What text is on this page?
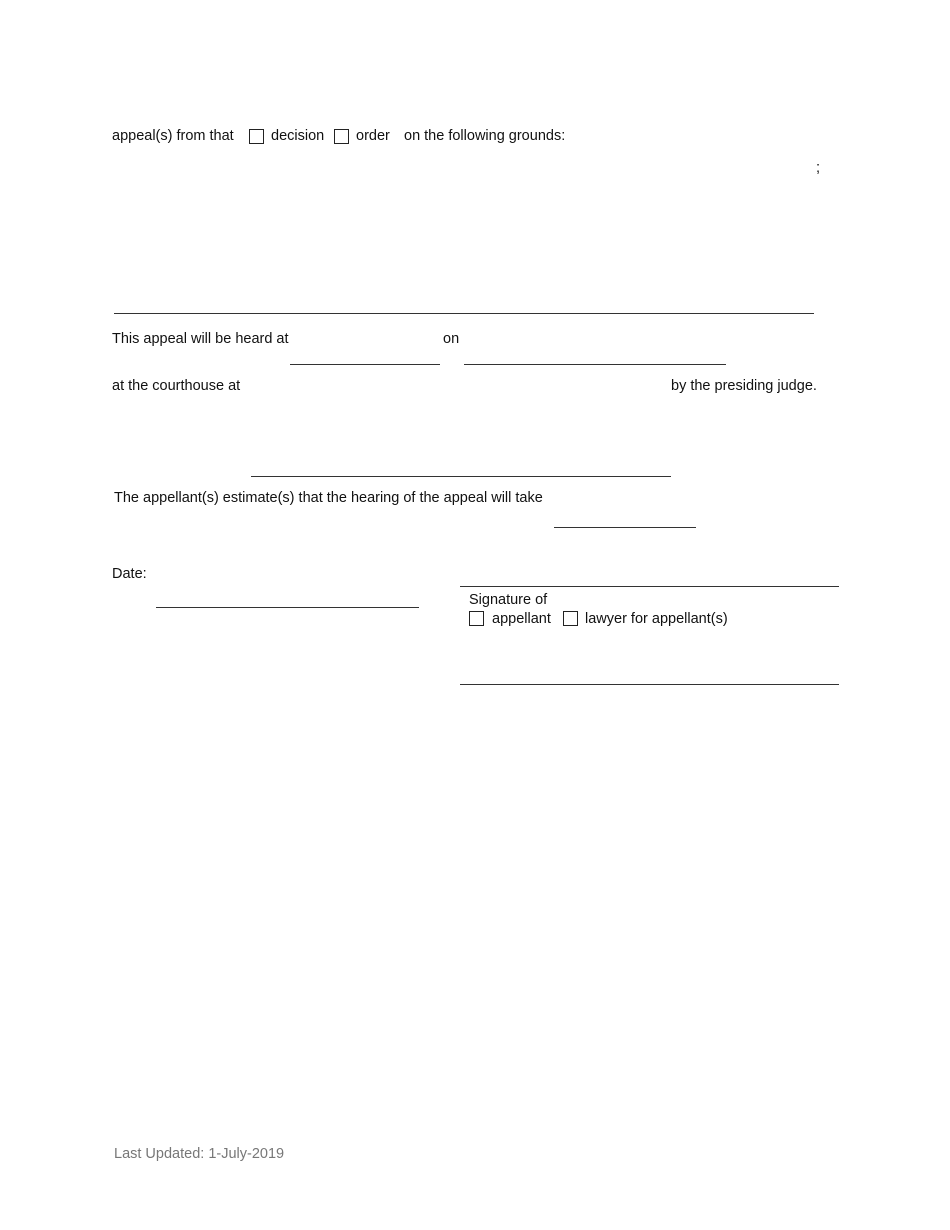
appeal(s) from that	decision order on the following grounds:
;
This appeal will be heard at	on
at the courthouse at	by the presiding judge.
The appellant(s) estimate(s) that the hearing of the appeal will take
Date:
Signature of
appellant lawyer for appellant(s)
Last Updated: 1-July-2019
